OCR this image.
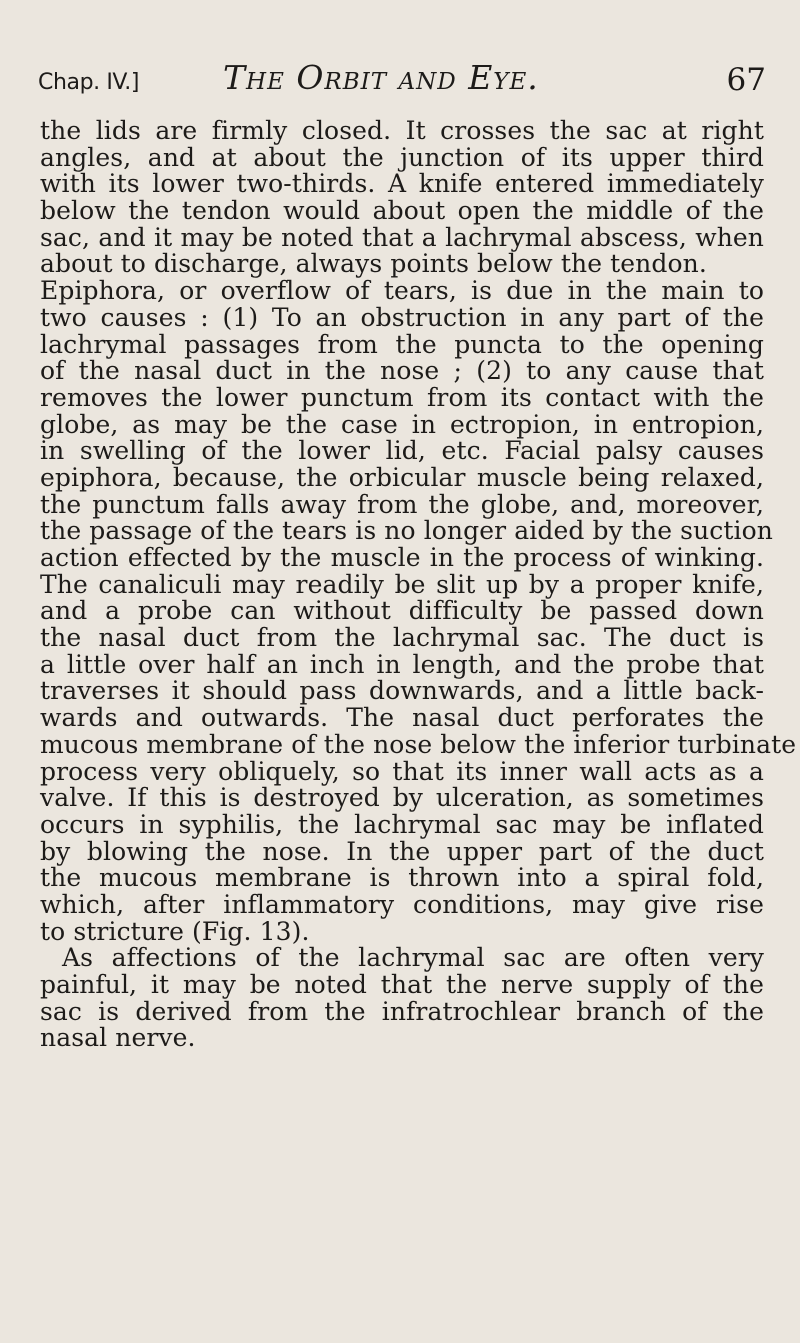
Chap. IV.]	The Orbit and Eye.	67
the lids are firmly closed. It crosses the sac at right
angles, and at about the junction of its upper third
with its lower two-thirds. A knife entered immediately
below the tendon would about open the middle of the
sac, and it may be noted that a lachrymal abscess, when
about to discharge, always points below the tendon.
Epiphora, or overflow of tears, is due in the main to
two causes : (1) To an obstruction in any part of the
lachrymal passages from the puncta to the opening
of the nasal duct in the nose ; (2) to any cause that
removes the lower punctum from its contact with the
globe, as may be the case in ectropion, in entropion,
in swelling of the lower lid, etc. Facial palsy causes
epiphora, because, the orbicular muscle being relaxed,
the punctum falls away from the globe, and, moreover,
the passage of the tears is no longer aided by the suction
action effected by the muscle in the process of winking.
The canaliculi may readily be slit up by a proper knife,
and a probe can without difficulty be passed down
the nasal duct from the lachrymal sac. The duct is
a little over half an inch in length, and the probe that
traverses it should pass downwards, and a little back-
wards and outwards. The nasal duct perforates the
mucous membrane of the nose below the inferior turbinate
process very obliquely, so that its inner wall acts as a
valve. If this is destroyed by ulceration, as sometimes
occurs in syphilis, the lachrymal sac may be inflated
by blowing the nose. In the upper part of the duct
the mucous membrane is thrown into a spiral fold,
which, after inflammatory conditions, may give rise
to stricture (Fig. 13).
As affections of the lachrymal sac are often very
painful, it may be noted that the nerve supply of the
sac is derived from the infratrochlear branch of the
nasal nerve.
